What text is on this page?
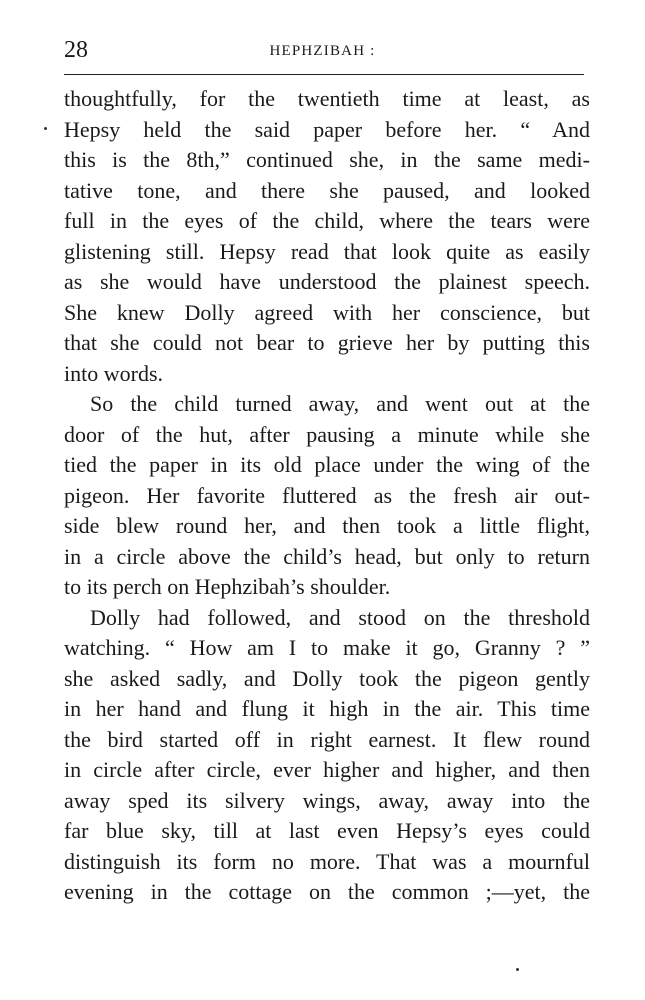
28	HEPHZIBAH :
thoughtfully, for the twentieth time at least, as
Hepsy held the said paper before her. “ And
this is the 8th,” continued she, in the same medi-
tative tone, and there she paused, and looked
full in the eyes of the child, where the tears were
glistening still. Hepsy read that look quite as easily
as she would have understood the plainest speech.
She knew Dolly agreed with her conscience, but
that she could not bear to grieve her by putting this
into words.
So the child turned away, and went out at the
door of the hut, after pausing a minute while she
tied the paper in its old place under the wing of the
pigeon. Her favorite fluttered as the fresh air out-
side blew round her, and then took a little flight,
in a circle above the child’s head, but only to return
to its perch on Hephzibah’s shoulder.
Dolly had followed, and stood on the threshold
watching. “ How am I to make it go, Granny ? ”
she asked sadly, and Dolly took the pigeon gently
in her hand and flung it high in the air. This time
the bird started off in right earnest. It flew round
in circle after circle, ever higher and higher, and then
away sped its silvery wings, away, away into the
far blue sky, till at last even Hepsy’s eyes could
distinguish its form no more. That was a mournful
evening in the cottage on the common ;—yet, the
